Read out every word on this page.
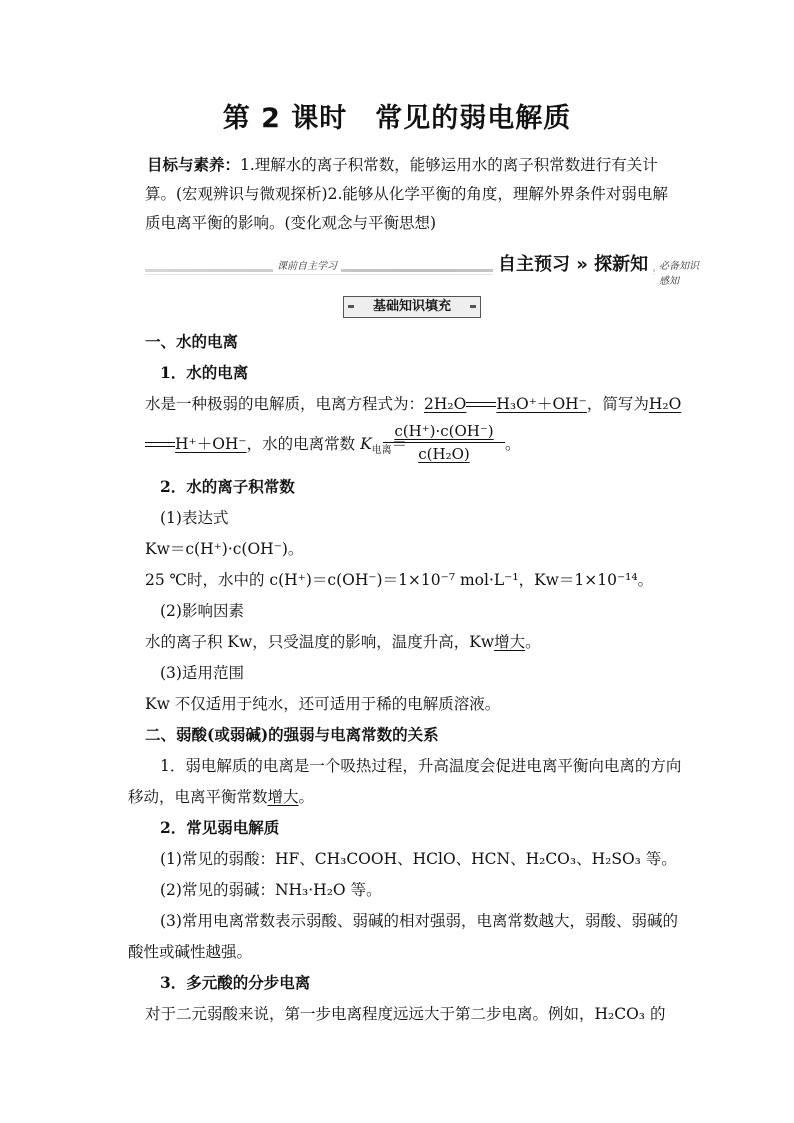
第 2 课时　常见的弱电解质
目标与素养：1.理解水的离子积常数，能够运用水的离子积常数进行有关计算。(宏观辨识与微观探析)2.能够从化学平衡的角度，理解外界条件对弱电解质电离平衡的影响。(变化观念与平衡思想)
课前自主学习	自主预习 » 探新知	必备知识感知
基础知识填充
一、水的电离
1．水的电离
水是一种极弱的电解质，电离方程式为：2H₂O H₃O⁺＋OH⁻，简写为H₂O
H⁺＋OH⁻，水的电离常数 $K_{电离}=$
$\frac{c(H^+)\cdot c(OH^-)}{\text{c(H₂O)}}$ 。
2．水的离子积常数
(1)表达式
Kw＝c(H⁺)·c(OH⁻)。
25 ℃时，水中的 c(H⁺)＝c(OH⁻)＝1×10⁻⁷ mol·L⁻¹，Kw＝1×10⁻¹⁴。
(2)影响因素
水的离子积 Kw，只受温度的影响，温度升高，Kw增大。
(3)适用范围
Kw 不仅适用于纯水，还可适用于稀的电解质溶液。
二、弱酸(或弱碱)的强弱与电离常数的关系
1．弱电解质的电离是一个吸热过程，升高温度会促进电离平衡向电离的方向
移动，电离平衡常数增大。
2．常见弱电解质
(1)常见的弱酸：HF、CH₃COOH、HClO、HCN、H₂CO₃、H₂SO₃ 等。
(2)常见的弱碱：NH₃·H₂O 等。
(3)常用电离常数表示弱酸、弱碱的相对强弱，电离常数越大，弱酸、弱碱的
酸性或碱性越强。
3．多元酸的分步电离
对于二元弱酸来说，第一步电离程度远远大于第二步电离。例如，H₂CO₃ 的
